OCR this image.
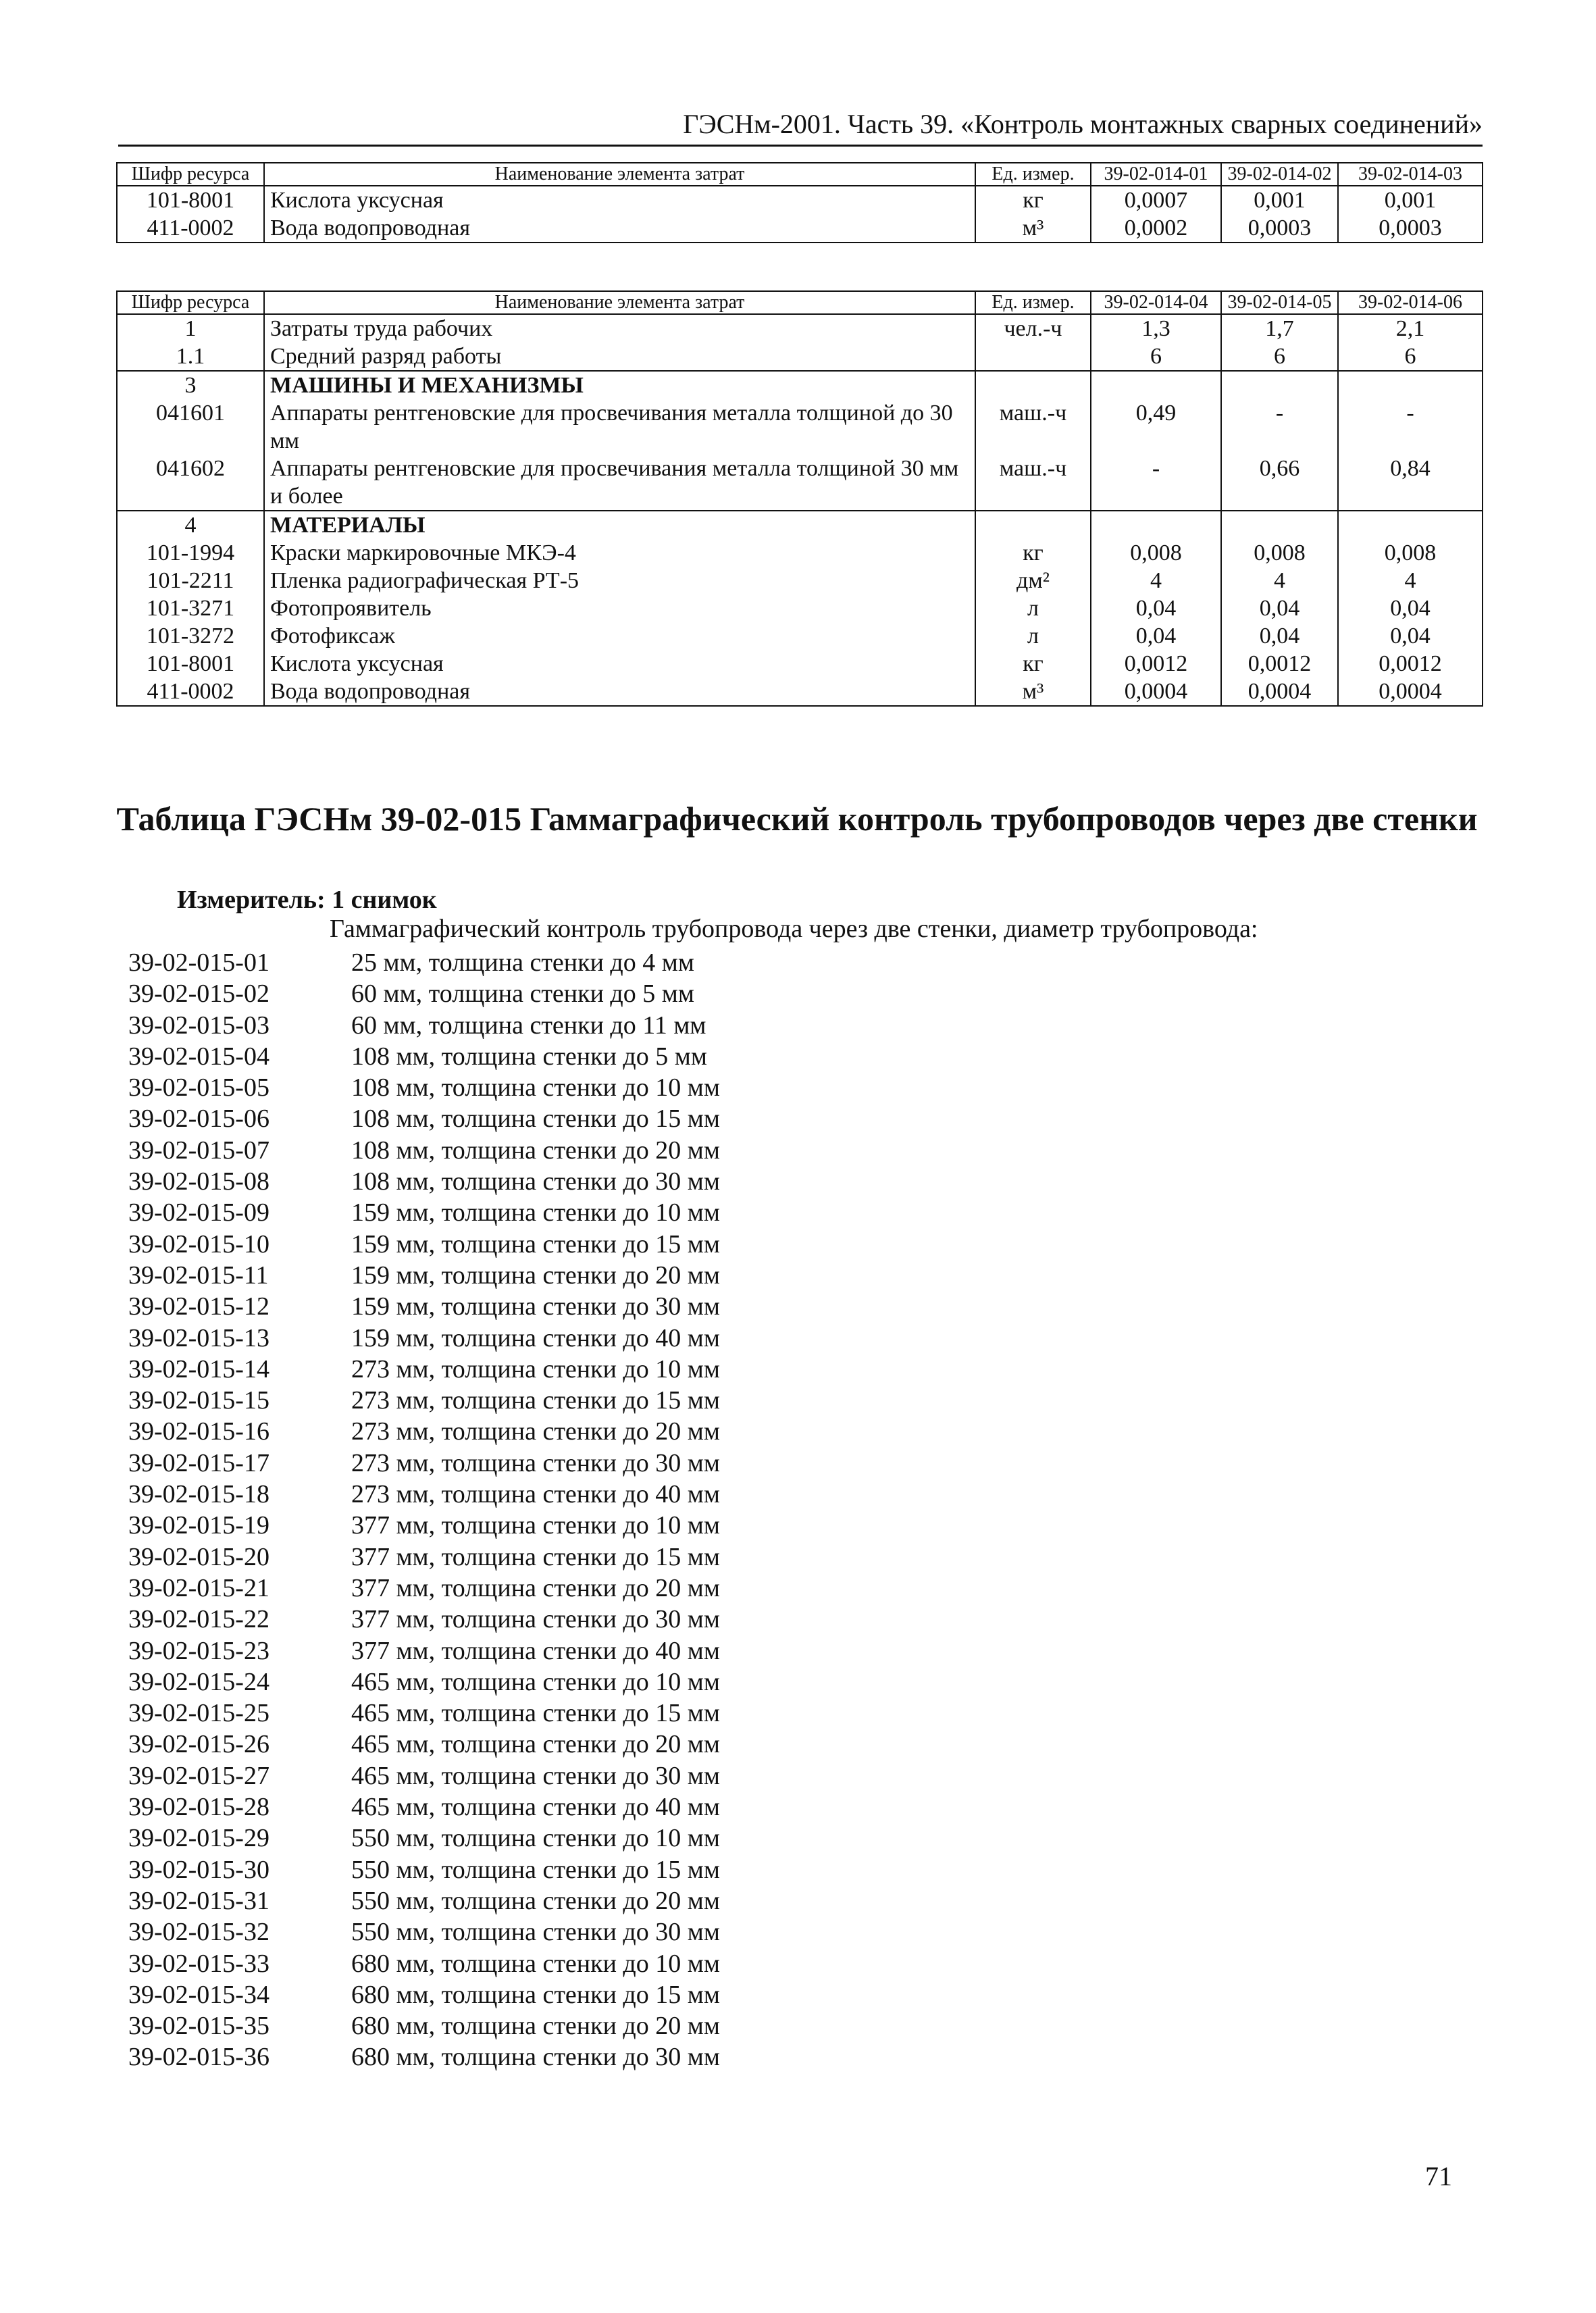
ГЭСНм-2001. Часть 39. «Контроль монтажных сварных соединений»
Шифр ресурса	Наименование элемента затрат	Ед. измер.	39-02-014-01	39-02-014-02	39-02-014-03
101-8001	Кислота уксусная	кг	0,0007	0,001	0,001
411-0002	Вода водопроводная	м³	0,0002	0,0003	0,0003
Шифр ресурса	Наименование элемента затрат	Ед. измер.	39-02-014-04	39-02-014-05	39-02-014-06
1	Затраты труда рабочих	чел.-ч	1,3	1,7	2,1
1.1	Средний разряд работы		6	6	6
3	МАШИНЫ И МЕХАНИЗМЫ				
041601	Аппараты рентгеновские для просвечивания металла толщиной до 30 мм	маш.-ч	0,49	-	-
041602	Аппараты рентгеновские для просвечивания металла толщиной 30 мм и более	маш.-ч	-	0,66	0,84
4	МАТЕРИАЛЫ				
101-1994	Краски маркировочные МКЭ-4	кг	0,008	0,008	0,008
101-2211	Пленка радиографическая РТ-5	дм²	4	4	4
101-3271	Фотопроявитель	л	0,04	0,04	0,04
101-3272	Фотофиксаж	л	0,04	0,04	0,04
101-8001	Кислота уксусная	кг	0,0012	0,0012	0,0012
411-0002	Вода водопроводная	м³	0,0004	0,0004	0,0004
Таблица ГЭСНм 39-02-015 Гаммаграфический контроль трубопроводов через две стенки
Измеритель: 1 снимок
Гаммаграфический контроль трубопровода через две стенки, диаметр трубопровода:
39-02-015-01	25 мм, толщина стенки до 4 мм
39-02-015-02	60 мм, толщина стенки до 5 мм
39-02-015-03	60 мм, толщина стенки до 11 мм
39-02-015-04	108 мм, толщина стенки до 5 мм
39-02-015-05	108 мм, толщина стенки до 10 мм
39-02-015-06	108 мм, толщина стенки до 15 мм
39-02-015-07	108 мм, толщина стенки до 20 мм
39-02-015-08	108 мм, толщина стенки до 30 мм
39-02-015-09	159 мм, толщина стенки до 10 мм
39-02-015-10	159 мм, толщина стенки до 15 мм
39-02-015-11	159 мм, толщина стенки до 20 мм
39-02-015-12	159 мм, толщина стенки до 30 мм
39-02-015-13	159 мм, толщина стенки до 40 мм
39-02-015-14	273 мм, толщина стенки до 10 мм
39-02-015-15	273 мм, толщина стенки до 15 мм
39-02-015-16	273 мм, толщина стенки до 20 мм
39-02-015-17	273 мм, толщина стенки до 30 мм
39-02-015-18	273 мм, толщина стенки до 40 мм
39-02-015-19	377 мм, толщина стенки до 10 мм
39-02-015-20	377 мм, толщина стенки до 15 мм
39-02-015-21	377 мм, толщина стенки до 20 мм
39-02-015-22	377 мм, толщина стенки до 30 мм
39-02-015-23	377 мм, толщина стенки до 40 мм
39-02-015-24	465 мм, толщина стенки до 10 мм
39-02-015-25	465 мм, толщина стенки до 15 мм
39-02-015-26	465 мм, толщина стенки до 20 мм
39-02-015-27	465 мм, толщина стенки до 30 мм
39-02-015-28	465 мм, толщина стенки до 40 мм
39-02-015-29	550 мм, толщина стенки до 10 мм
39-02-015-30	550 мм, толщина стенки до 15 мм
39-02-015-31	550 мм, толщина стенки до 20 мм
39-02-015-32	550 мм, толщина стенки до 30 мм
39-02-015-33	680 мм, толщина стенки до 10 мм
39-02-015-34	680 мм, толщина стенки до 15 мм
39-02-015-35	680 мм, толщина стенки до 20 мм
39-02-015-36	680 мм, толщина стенки до 30 мм
71
